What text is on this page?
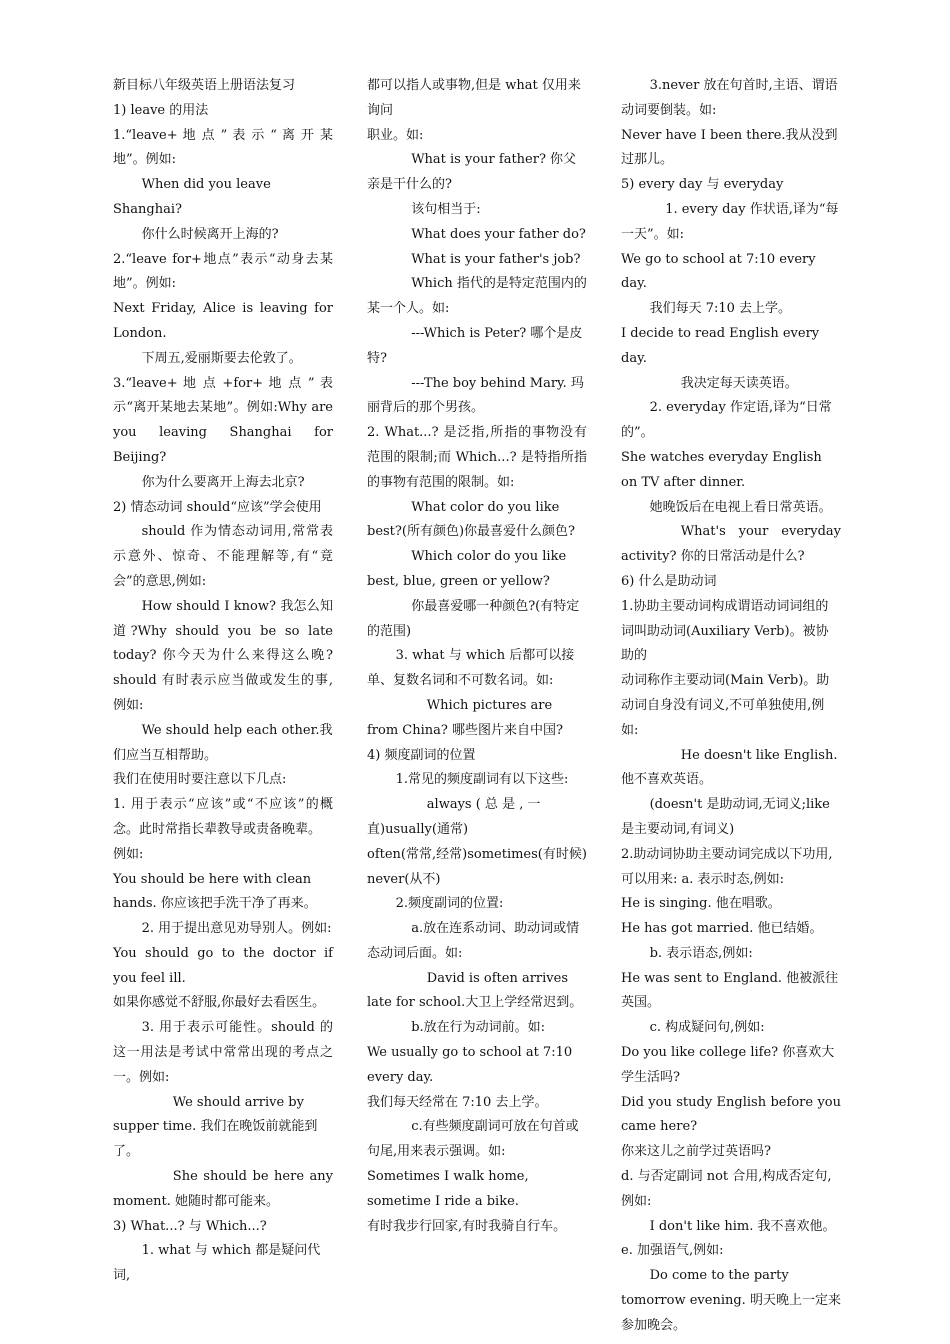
新目标八年级英语上册语法复习

1) leave 的用法

1.“leave+ 地 点 ” 表 示 “ 离 开 某地”。例如:

When did you leave Shanghai?

你什么时候离开上海的?

2.“leave for+地点”表示“动身去某地”。例如:

Next Friday, Alice is leaving for London.

下周五,爱丽斯要去伦敦了。

3.“leave+ 地 点 +for+ 地 点 ” 表 示“离开某地去某地”。例如:Why are you leaving Shanghai for Beijing?

你为什么要离开上海去北京?

2) 情态动词 should“应该”学会使用

should 作为情态动词用,常常表示意外、惊奇、不能理解等,有“竟会”的意思,例如:

How should I know? 我怎么知道?Why should you be so late today? 你今天为什么来得这么晚?should 有时表示应当做或发生的事,例如:

We should help each other.我们应当互相帮助。

我们在使用时要注意以下几点:

1. 用于表示“应该”或“不应该”的概念。此时常指长辈教导或责备晚辈。

例如:

You should be here with clean hands. 你应该把手洗干净了再来。

2. 用于提出意见劝导别人。例如:

You should go to the doctor if you feel ill.

如果你感觉不舒服,你最好去看医生。

3. 用于表示可能性。should 的这一用法是考试中常常出现的考点之一。例如:

We should arrive by supper time. 我们在晚饭前就能到了。

She should be here any moment. 她随时都可能来。

3) What...? 与 Which...?

1. what 与 which 都是疑问代词,

都可以指人或事物,但是 what 仅用来询问

职业。如:

What is your father? 你父亲是干什么的?

该句相当于:

What does your father do?

What is your father's job?

Which 指代的是特定范围内的某一个人。如:

---Which is Peter? 哪个是皮特?

---The boy behind Mary. 玛丽背后的那个男孩。

2. What...? 是泛指,所指的事物没有范围的限制;而 Which...? 是特指所指的事物有范围的限制。如:

What color do you like best?(所有颜色)你最喜爱什么颜色?

Which color do you like best, blue, green or yellow?

你最喜爱哪一种颜色?(有特定的范围)

3. what 与 which 后都可以接单、复数名词和不可数名词。如:

Which pictures are from China? 哪些图片来自中国?

4) 频度副词的位置

1.常见的频度副词有以下这些:

always ( 总 是 , 一直)usually(通常)

often(常常,经常)sometimes(有时候)

never(从不)

2.频度副词的位置:

a.放在连系动词、助动词或情态动词后面。如:

David is often arrives late for school.大卫上学经常迟到。

b.放在行为动词前。如:

We usually go to school at 7:10 every day.

我们每天经常在 7:10 去上学。

c.有些频度副词可放在句首或句尾,用来表示强调。如:

Sometimes I walk home, sometime I ride a bike.

有时我步行回家,有时我骑自行车。

3.never 放在句首时,主语、谓语动词要倒装。如:

Never have I been there.我从没到过那儿。

5) every day 与 everyday

1. every day 作状语,译为“每一天”。如:

We go to school at 7:10 every day.

我们每天 7:10 去上学。

I decide to read English every day.

我决定每天读英语。

2. everyday 作定语,译为“日常的”。

She watches everyday English on TV after dinner.

她晚饭后在电视上看日常英语。

What's your everyday activity? 你的日常活动是什么?

6) 什么是助动词

1.协助主要动词构成谓语动词词组的词叫助动词(Auxiliary Verb)。被协助的

动词称作主要动词(Main Verb)。助动词自身没有词义,不可单独使用,例如:

He doesn't like English. 他不喜欢英语。

(doesn't 是助动词,无词义;like 是主要动词,有词义)

2.助动词协助主要动词完成以下功用,可以用来: a. 表示时态,例如:

He is singing. 他在唱歌。

He has got married. 他已结婚。

b. 表示语态,例如:

He was sent to England. 他被派往英国。

c. 构成疑问句,例如:

Do you like college life? 你喜欢大学生活吗?

Did you study English before you came here?

你来这儿之前学过英语吗?

d. 与否定副词 not 合用,构成否定句,例如:

I don't like him. 我不喜欢他。

e. 加强语气,例如:

Do come to the party tomorrow evening. 明天晚上一定来参加晚会。
